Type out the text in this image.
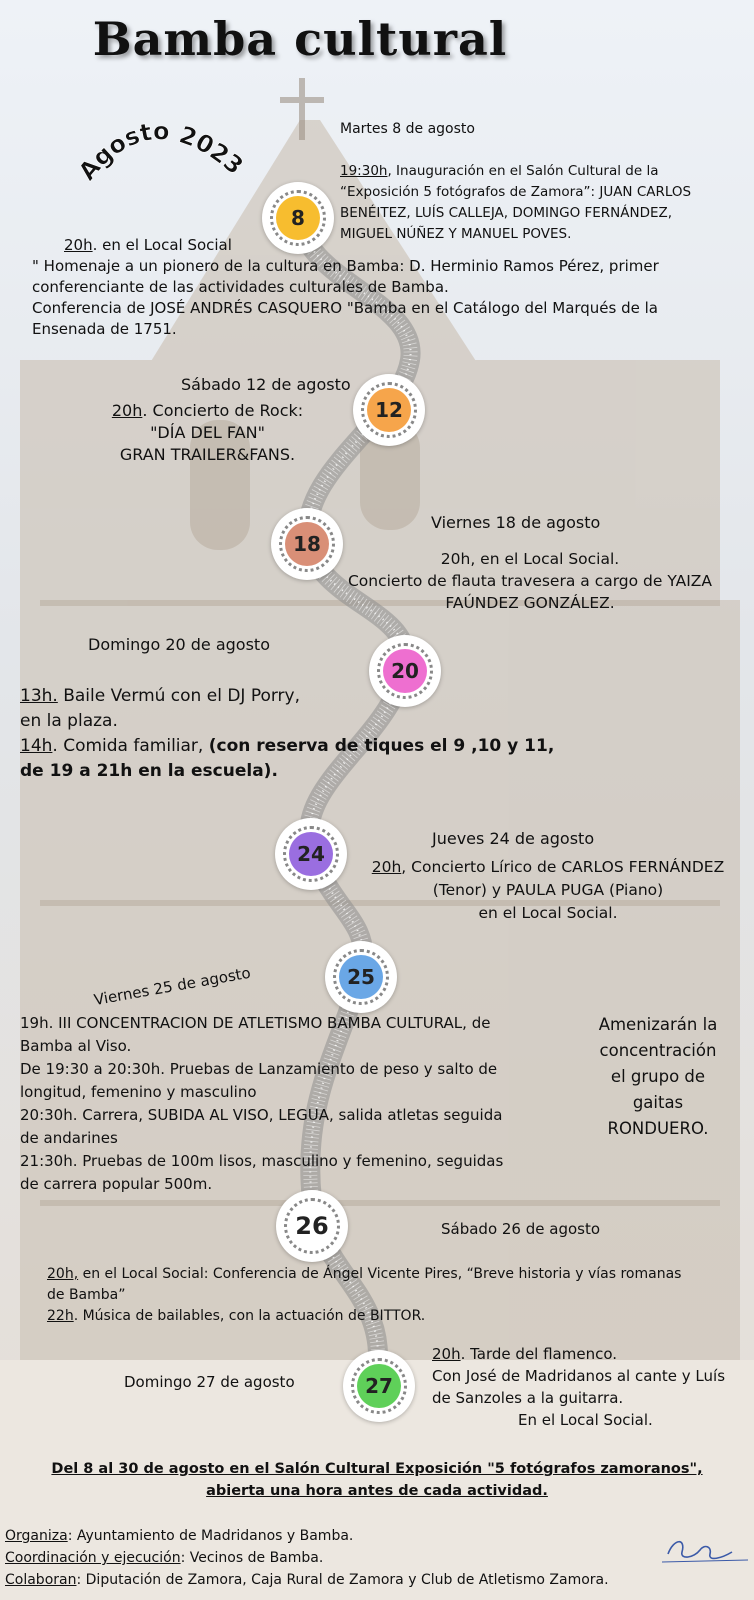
Bamba cultural
Agosto 2023
8
12
18
20
24
25
26
27
Martes 8 de agosto
19:30h, Inauguración en el Salón Cultural de la
“Exposición 5 fotógrafos de Zamora”: JUAN CARLOS
BENÉITEZ, LUÍS CALLEJA, DOMINGO FERNÁNDEZ,
MIGUEL NÚÑEZ Y MANUEL POVES.
20h. en el Local Social
" Homenaje a un pionero de la cultura en Bamba: D. Herminio Ramos Pérez, primer
conferenciante de las actividades culturales de Bamba.
Conferencia de JOSÉ ANDRÉS CASQUERO "Bamba en el Catálogo del Marqués de la
Ensenada de 1751.
Sábado 12 de agosto
20h. Concierto de Rock:
"DÍA DEL FAN"
GRAN TRAILER&FANS.
Viernes 18 de agosto
20h, en el Local Social.
Concierto de flauta travesera a cargo de YAIZA
FAÚNDEZ GONZÁLEZ.
Domingo 20 de agosto
13h. Baile Vermú con el DJ Porry,
en la plaza.
14h. Comida familiar, (con reserva de tiques el 9 ,10 y 11,
de 19 a 21h en la escuela).
Jueves 24 de agosto
20h, Concierto Lírico de CARLOS FERNÁNDEZ
(Tenor) y PAULA PUGA (Piano)
en el Local Social.
Viernes 25 de agosto
19h. III CONCENTRACION DE ATLETISMO BAMBA CULTURAL, de
Bamba al Viso.
De 19:30 a 20:30h. Pruebas de Lanzamiento de peso y salto de
longitud, femenino y masculino
20:30h. Carrera, SUBIDA AL VISO, LEGUA, salida atletas seguida
de andarines
21:30h. Pruebas de 100m lisos, masculino y femenino, seguidas
de carrera popular 500m.
Amenizarán la
concentración
el grupo de
gaitas
RONDUERO.
Sábado 26 de agosto
20h, en el Local Social: Conferencia de Ángel Vicente Pires, “Breve historia y vías romanas
de Bamba”
22h. Música de bailables, con la actuación de BITTOR.
Domingo 27 de agosto
20h. Tarde del flamenco.
Con José de Madridanos al cante y Luís
de Sanzoles a la guitarra.
En el Local Social.
Del 8 al 30 de agosto en el Salón Cultural Exposición "5 fotógrafos zamoranos",
abierta una hora antes de cada actividad.
Organiza: Ayuntamiento de Madridanos y Bamba.
Coordinación y ejecución: Vecinos de Bamba.
Colaboran: Diputación de Zamora, Caja Rural de Zamora y Club de Atletismo Zamora.
